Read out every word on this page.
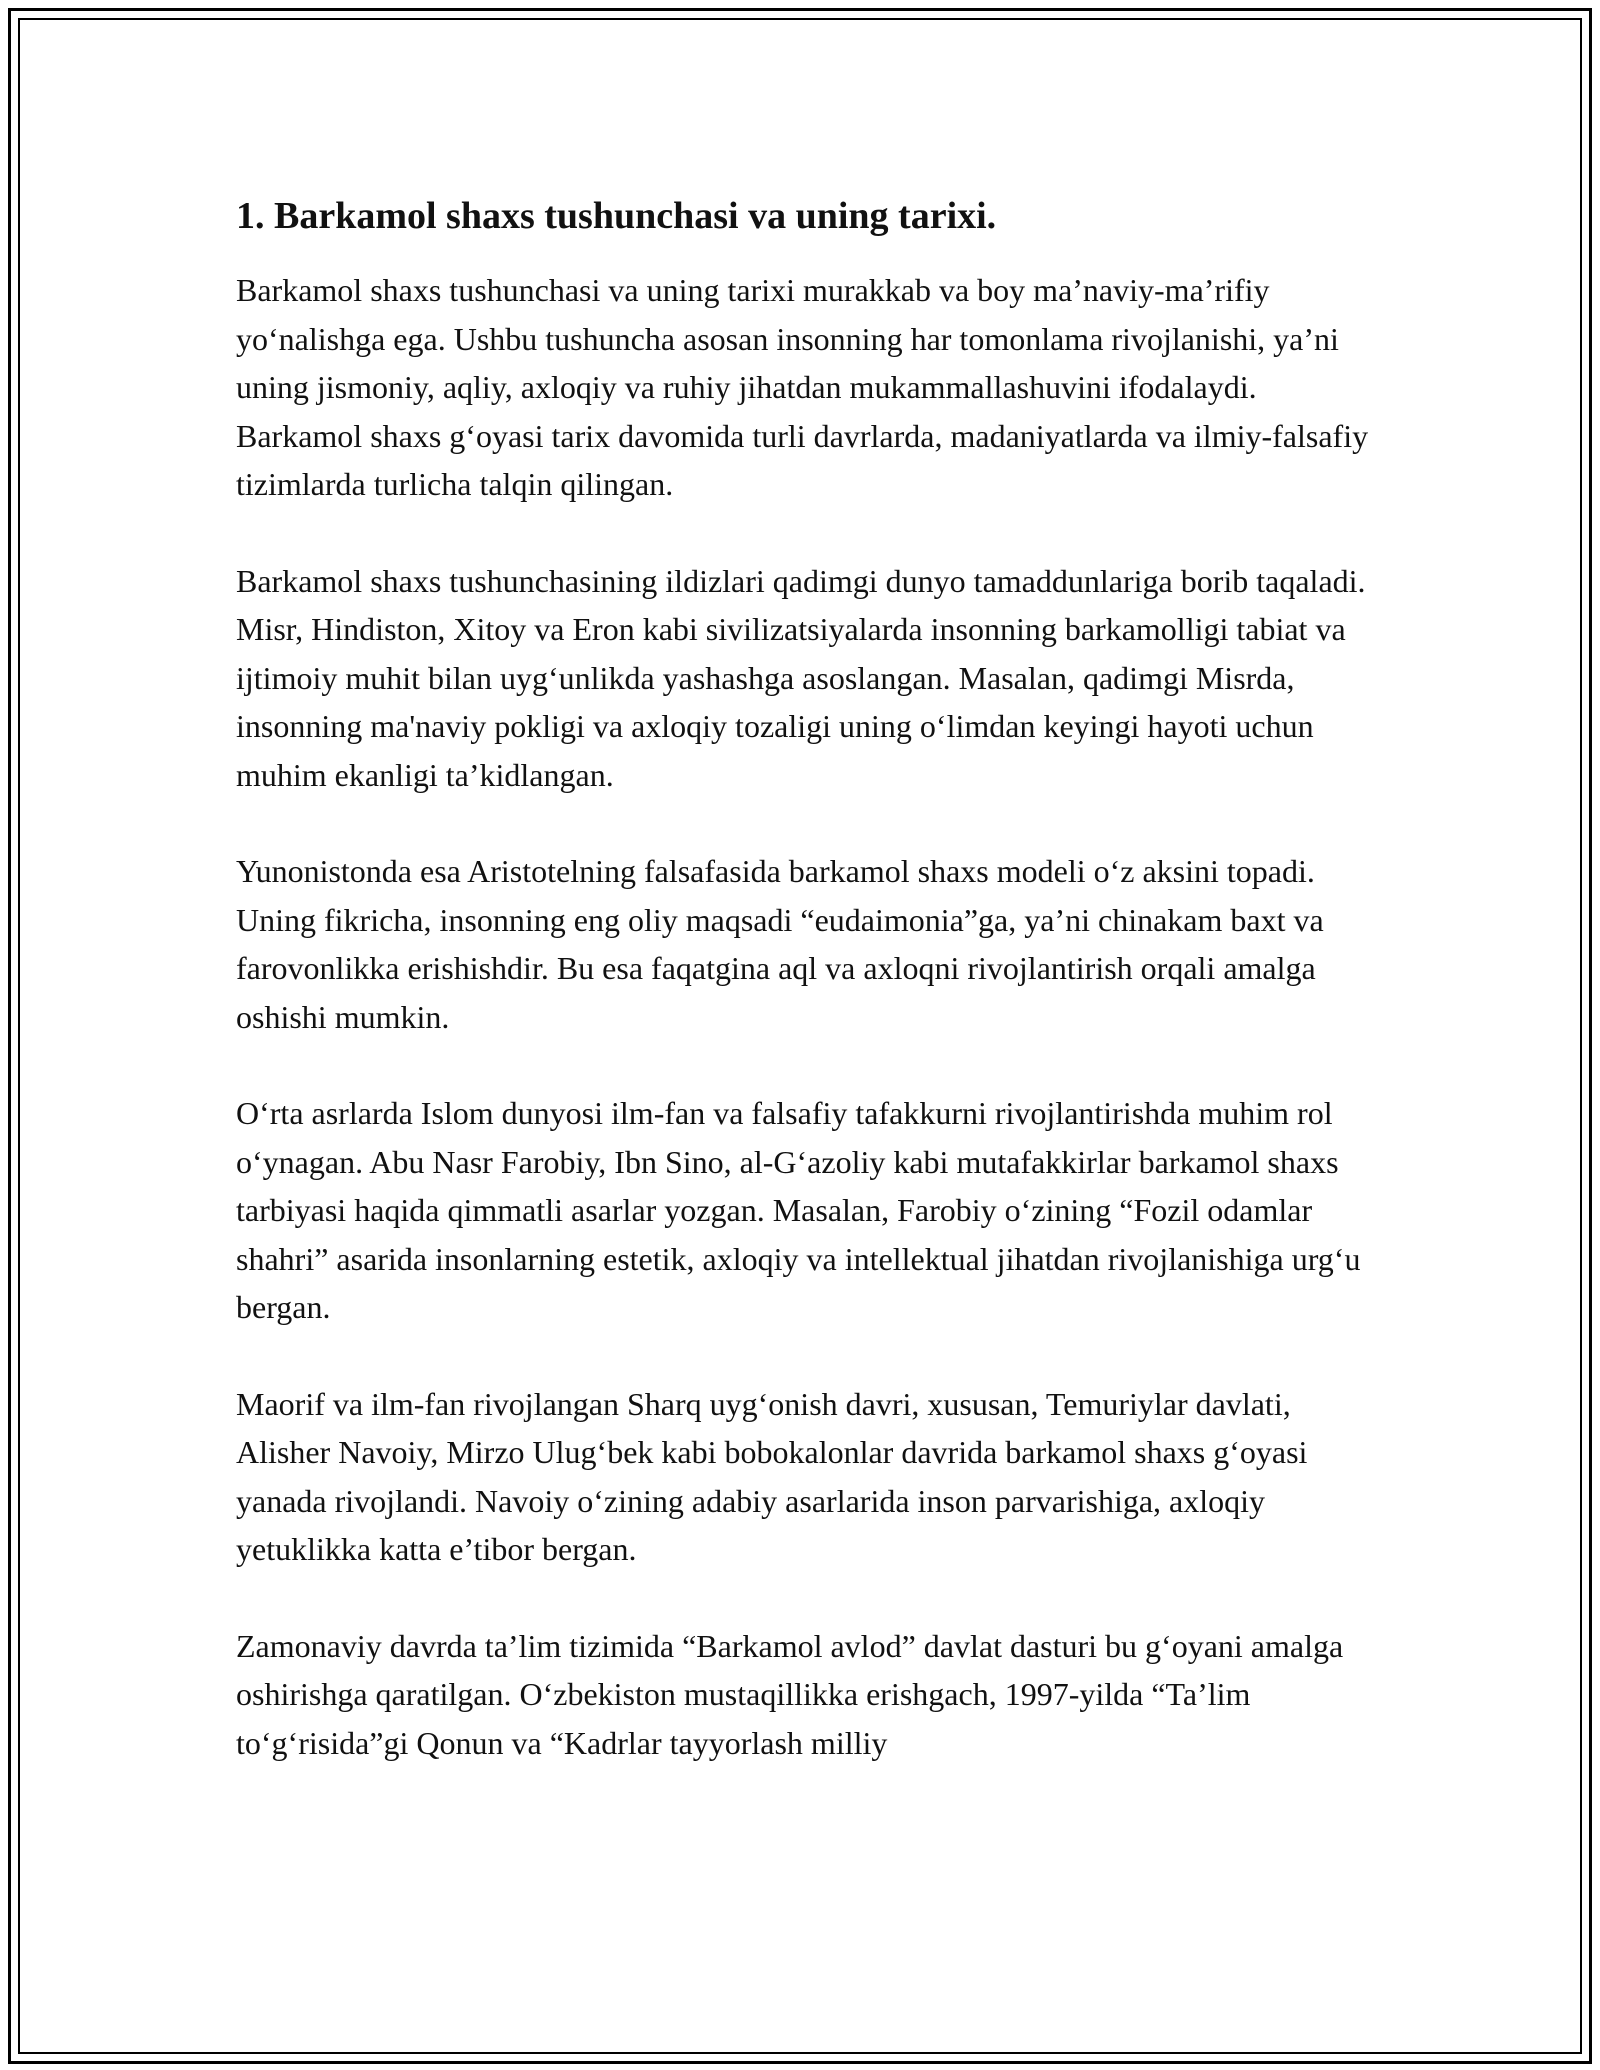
1. Barkamol shaxs tushunchasi va uning tarixi.

Barkamol shaxs tushunchasi va uning tarixi murakkab va boy ma’naviy-ma’rifiy yo‘nalishga ega. Ushbu tushuncha asosan insonning har tomonlama rivojlanishi, ya’ni uning jismoniy, aqliy, axloqiy va ruhiy jihatdan mukammallashuvini ifodalaydi. Barkamol shaxs g‘oyasi tarix davomida turli davrlarda, madaniyatlarda va ilmiy-falsafiy tizimlarda turlicha talqin qilingan.

Barkamol shaxs tushunchasining ildizlari qadimgi dunyo tamaddunlariga borib taqaladi. Misr, Hindiston, Xitoy va Eron kabi sivilizatsiyalarda insonning barkamolligi tabiat va ijtimoiy muhit bilan uyg‘unlikda yashashga asoslangan. Masalan, qadimgi Misrda, insonning ma'naviy pokligi va axloqiy tozaligi uning o‘limdan keyingi hayoti uchun muhim ekanligi ta’kidlangan.

Yunonistonda esa Aristotelning falsafasida barkamol shaxs modeli o‘z aksini topadi. Uning fikricha, insonning eng oliy maqsadi “eudaimonia”ga, ya’ni chinakam baxt va farovonlikka erishishdir. Bu esa faqatgina aql va axloqni rivojlantirish orqali amalga oshishi mumkin.

O‘rta asrlarda Islom dunyosi ilm-fan va falsafiy tafakkurni rivojlantirishda muhim rol o‘ynagan. Abu Nasr Farobiy, Ibn Sino, al-G‘azoliy kabi mutafakkirlar barkamol shaxs tarbiyasi haqida qimmatli asarlar yozgan. Masalan, Farobiy o‘zining “Fozil odamlar shahri” asarida insonlarning estetik, axloqiy va intellektual jihatdan rivojlanishiga urg‘u bergan.

Maorif va ilm-fan rivojlangan Sharq uyg‘onish davri, xususan, Temuriylar davlati, Alisher Navoiy, Mirzo Ulug‘bek kabi bobokalonlar davrida barkamol shaxs g‘oyasi yanada rivojlandi. Navoiy o‘zining adabiy asarlarida inson parvarishiga, axloqiy yetuklikka katta e’tibor bergan.

Zamonaviy davrda ta’lim tizimida “Barkamol avlod” davlat dasturi bu g‘oyani amalga oshirishga qaratilgan. O‘zbekiston mustaqillikka erishgach, 1997-yilda “Ta’lim to‘g‘risida”gi Qonun va “Kadrlar tayyorlash milliy
